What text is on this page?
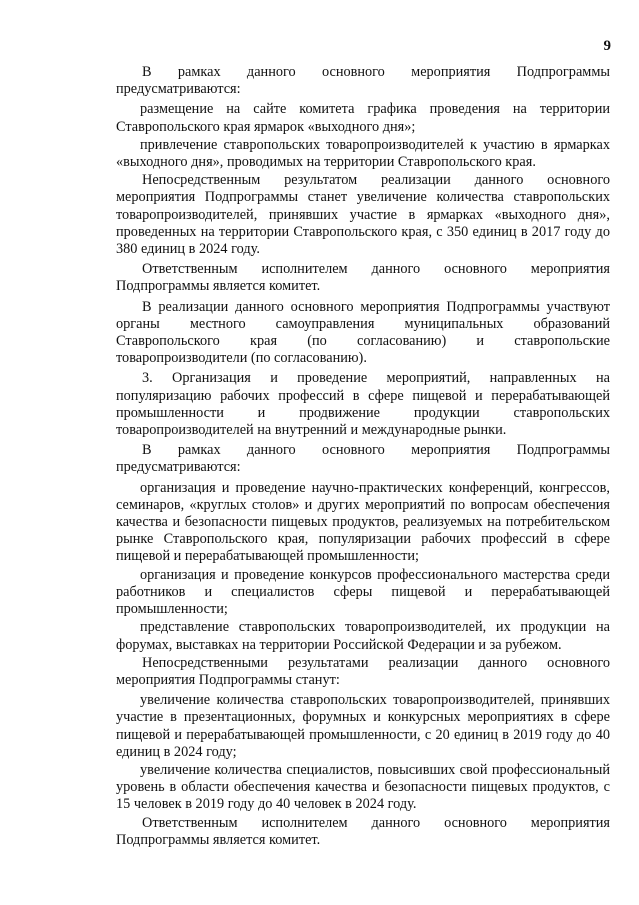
9

В рамках данного основного мероприятия Подпрограммы предусматриваются:

размещение на сайте комитета графика проведения на территории Ставропольского края ярмарок «выходного дня»;

привлечение ставропольских товаропроизводителей к участию в ярмарках «выходного дня», проводимых на территории Ставропольского края.

Непосредственным результатом реализации данного основного мероприятия Подпрограммы станет увеличение количества ставропольских товаропроизводителей, принявших участие в ярмарках «выходного дня», проведенных на территории Ставропольского края, с 350 единиц в 2017 году до 380 единиц в 2024 году.

Ответственным исполнителем данного основного мероприятия Подпрограммы является комитет.

В реализации данного основного мероприятия Подпрограммы участвуют органы местного самоуправления муниципальных образований Ставропольского края (по согласованию) и ставропольские товаропроизводители (по согласованию).

3. Организация и проведение мероприятий, направленных на популяризацию рабочих профессий в сфере пищевой и перерабатывающей промышленности и продвижение продукции ставропольских товаропроизводителей на внутренний и международные рынки.

В рамках данного основного мероприятия Подпрограммы предусматриваются:

организация и проведение научно-практических конференций, конгрессов, семинаров, «круглых столов» и других мероприятий по вопросам обеспечения качества и безопасности пищевых продуктов, реализуемых на потребительском рынке Ставропольского края, популяризации рабочих профессий в сфере пищевой и перерабатывающей промышленности;

организация и проведение конкурсов профессионального мастерства среди работников и специалистов сферы пищевой и перерабатывающей промышленности;

представление ставропольских товаропроизводителей, их продукции на форумах, выставках на территории Российской Федерации и за рубежом.

Непосредственными результатами реализации данного основного мероприятия Подпрограммы станут:

увеличение количества ставропольских товаропроизводителей, принявших участие в презентационных, форумных и конкурсных мероприятиях в сфере пищевой и перерабатывающей промышленности, с 20 единиц в 2019 году до 40 единиц в 2024 году;

увеличение количества специалистов, повысивших свой профессиональный уровень в области обеспечения качества и безопасности пищевых продуктов, с 15 человек в 2019 году до 40 человек в 2024 году.

Ответственным исполнителем данного основного мероприятия Подпрограммы является комитет.
